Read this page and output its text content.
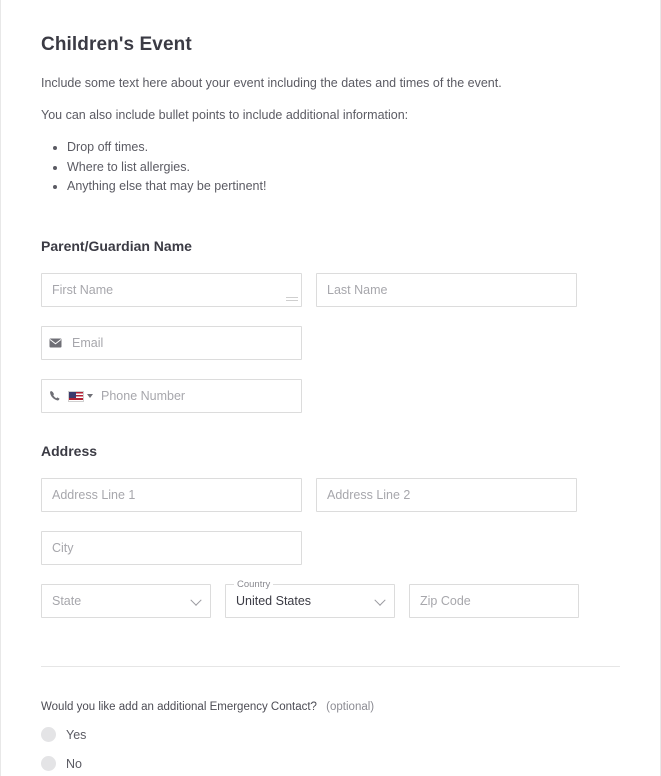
Children's Event

Include some text here about your event including the dates and times of the event.

You can also include bullet points to include additional information:

• Drop off times.
• Where to list allergies.
• Anything else that may be pertinent!
Parent/Guardian Name
First Name
Last Name
Email
Phone Number
Address
Address Line 1
Address Line 2
City
State
Country
United States
Zip Code
Would you like add an additional Emergency Contact? (optional)
Yes
No
